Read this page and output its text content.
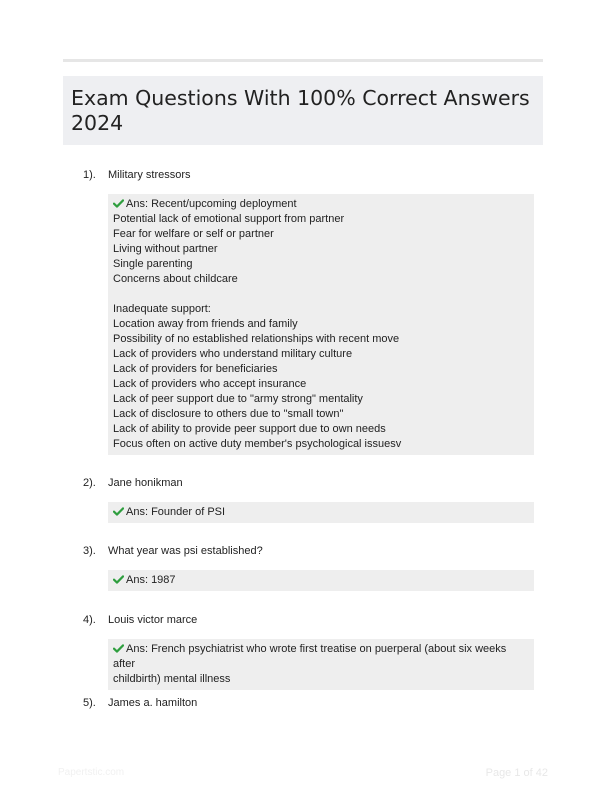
Exam Questions With 100% Correct Answers 2024
1). Military stressors
Ans: Recent/upcoming deployment
Potential lack of emotional support from partner
Fear for welfare or self or partner
Living without partner
Single parenting
Concerns about childcare
Inadequate support:
Location away from friends and family
Possibility of no established relationships with recent move
Lack of providers who understand military culture
Lack of providers for beneficiaries
Lack of providers who accept insurance
Lack of peer support due to "army strong" mentality
Lack of disclosure to others due to "small town"
Lack of ability to provide peer support due to own needs
Focus often on active duty member's psychological issuesv
2). Jane honikman
Ans: Founder of PSI
3). What year was psi established?
Ans: 1987
4). Louis victor marce
Ans: French psychiatrist who wrote first treatise on puerperal (about six weeks after
childbirth) mental illness
5). James a. hamilton
Papertstic.com	Page 1 of 42
